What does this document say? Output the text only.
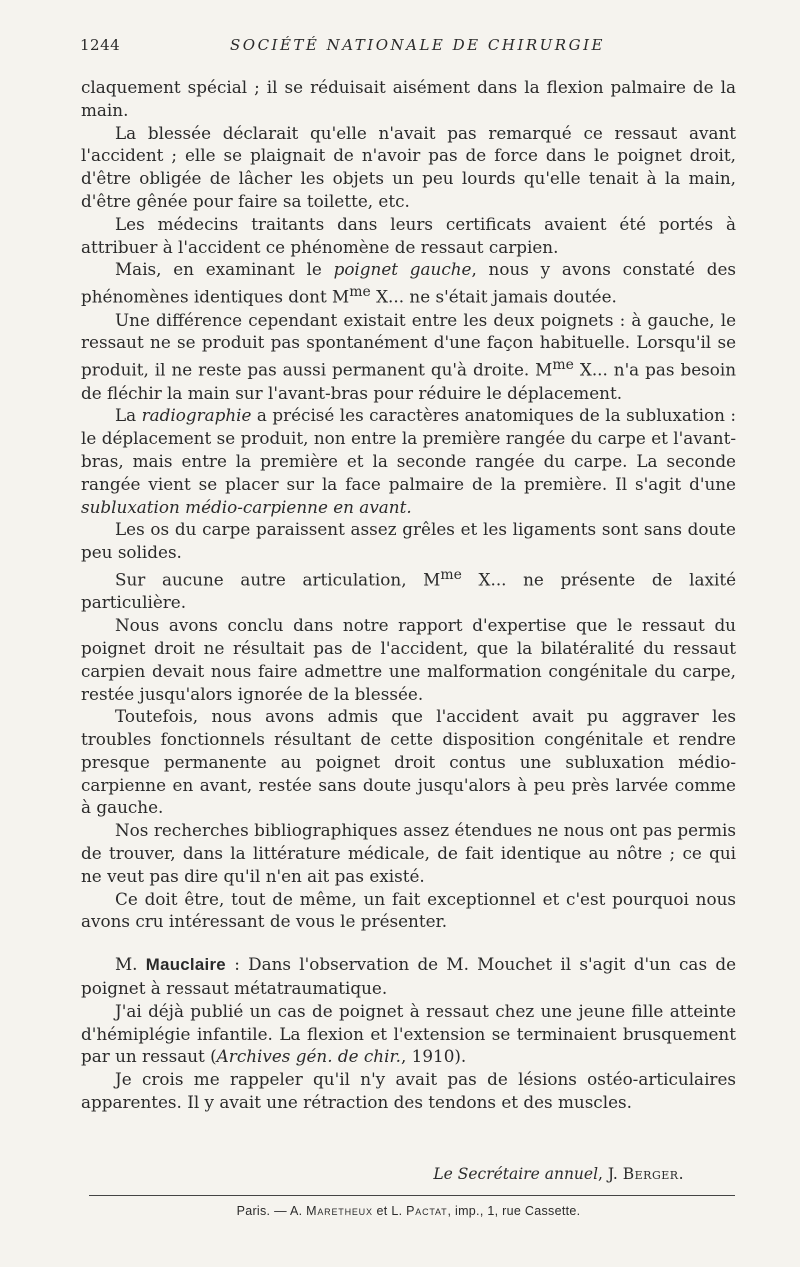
1244	SOCIÉTÉ NATIONALE DE CHIRURGIE

claquement spécial ; il se réduisait aisément dans la flexion palmaire de la main.

La blessée déclarait qu'elle n'avait pas remarqué ce ressaut avant l'accident ; elle se plaignait de n'avoir pas de force dans le poignet droit, d'être obligée de lâcher les objets un peu lourds qu'elle tenait à la main, d'être gênée pour faire sa toilette, etc.

Les médecins traitants dans leurs certificats avaient été portés à attribuer à l'accident ce phénomène de ressaut carpien.

Mais, en examinant le poignet gauche, nous y avons constaté des phénomènes identiques dont $M^{me}$ X... ne s'était jamais doutée.

Une différence cependant existait entre les deux poignets : à gauche, le ressaut ne se produit pas spontanément d'une façon habituelle. Lorsqu'il se produit, il ne reste pas aussi permanent qu'à droite. $M^{me}$ X... n'a pas besoin de fléchir la main sur l'avant-bras pour réduire le déplacement.

La radiographie a précisé les caractères anatomiques de la subluxation : le déplacement se produit, non entre la première rangée du carpe et l'avant-bras, mais entre la première et la seconde rangée du carpe. La seconde rangée vient se placer sur la face palmaire de la première. Il s'agit d'une subluxation médio-carpienne en avant.

Les os du carpe paraissent assez grêles et les ligaments sont sans doute peu solides.

Sur aucune autre articulation, $M^{me}$ X... ne présente de laxité particulière.

Nous avons conclu dans notre rapport d'expertise que le ressaut du poignet droit ne résultait pas de l'accident, que la bilatéralité du ressaut carpien devait nous faire admettre une malformation congénitale du carpe, restée jusqu'alors ignorée de la blessée.

Toutefois, nous avons admis que l'accident avait pu aggraver les troubles fonctionnels résultant de cette disposition congénitale et rendre presque permanente au poignet droit contus une subluxation médio-carpienne en avant, restée sans doute jusqu'alors à peu près larvée comme à gauche.

Nos recherches bibliographiques assez étendues ne nous ont pas permis de trouver, dans la littérature médicale, de fait identique au nôtre ; ce qui ne veut pas dire qu'il n'en ait pas existé.

Ce doit être, tout de même, un fait exceptionnel et c'est pourquoi nous avons cru intéressant de vous le présenter.

M. Mauclaire : Dans l'observation de M. Mouchet il s'agit d'un cas de poignet à ressaut métatraumatique.

J'ai déjà publié un cas de poignet à ressaut chez une jeune fille atteinte d'hémiplégie infantile. La flexion et l'extension se terminaient brusquement par un ressaut (Archives gén. de chir., 1910).

Je crois me rappeler qu'il n'y avait pas de lésions ostéo-articulaires apparentes. Il y avait une rétraction des tendons et des muscles.

Le Secrétaire annuel, J. Berger.
Paris. — A. Maretheux et L. Pactat, imp., 1, rue Cassette.
